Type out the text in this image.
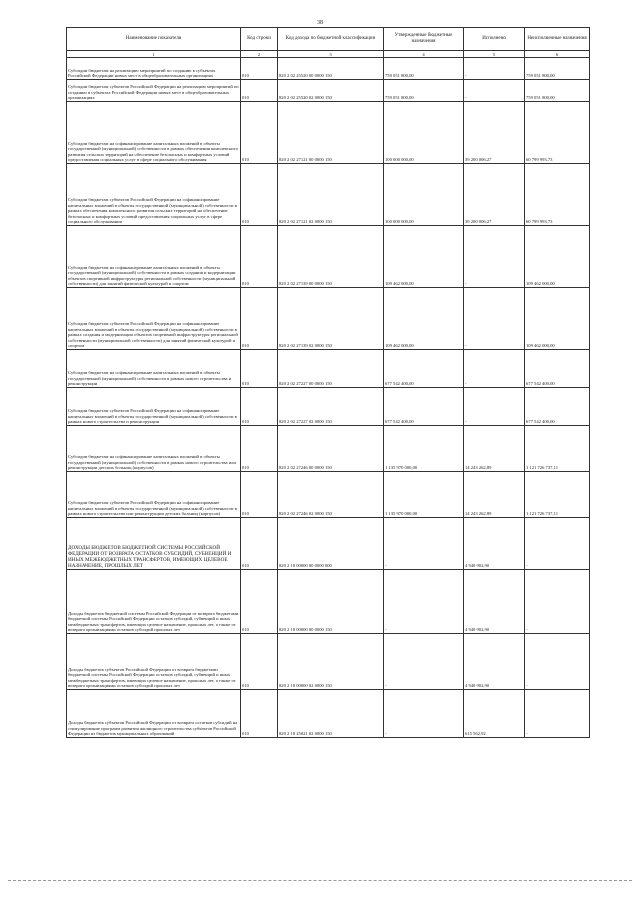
38
Наименование показателя	Код строки	Код дохода по бюджетной классификации	Утвержденные бюджетные назначения	Исполнено	Неисполненные назначения
1	2	3	4	5	6
Субсидии бюджетам на реализацию мероприятий по созданию в субъектах Российской Федерации новых мест в общеобразовательных организациях	010	820 2 02 25520 00 0000 150	759 051 800,00	-	759 051 800,00
Субсидии бюджетам субъектов Российской Федерации на реализацию мероприятий по созданию в субъектах Российской Федерации новых мест в общеобразовательных организациях	010	820 2 02 25520 02 0000 150	759 051 800,00	-	759 051 800,00
Субсидии бюджетам на софинансирование капитальных вложений в объекты государственной (муниципальной) собственности в рамках обеспечения комплексного развития сельских территорий на обеспечение безопасных и комфортных условий предоставления социальных услуг в сфере социального обслуживания	010	820 2 02 27121 00 0000 150	100 000 000,00	39 200 006,27	60 799 993,73
Субсидии бюджетам субъектов Российской Федерации на софинансирование капитальных вложений в объекты государственной (муниципальной) собственности в рамках обеспечения комплексного развития сельских территорий на обеспечение безопасных и комфортных условий предоставления социальных услуг в сфере социального обслуживания	010	820 2 02 27121 02 0000 150	100 000 000,00	39 200 006,27	60 799 993,73
Субсидии бюджетам на софинансирование капитальных вложений в объекты государственной (муниципальной) собственности в рамках создания и модернизации объектов спортивной инфраструктуры региональной собственности (муниципальной собственности) для занятий физической культурой и спортом	010	820 2 02 27139 00 0000 150	109 462 000,00	-	109 462 000,00
Субсидии бюджетам субъектов Российской Федерации на софинансирование капитальных вложений в объекты государственной (муниципальной) собственности в рамках создания и модернизации объектов спортивной инфраструктуры региональной собственности (муниципальной собственности) для занятий физической культурой и спортом	010	820 2 02 27139 02 0000 150	109 462 000,00	-	109 462 000,00
Субсидии бюджетам на софинансирование капитальных вложений в объекты государственной (муниципальной) собственности в рамках нового строительства и реконструкции	010	820 2 02 27227 00 0000 150	677 542 400,00	-	677 542 400,00
Субсидии бюджетам субъектов Российской Федерации на софинансирование капитальных вложений в объекты государственной (муниципальной) собственности в рамках нового строительства и реконструкции	010	820 2 02 27227 02 0000 150	677 542 400,00	-	677 542 400,00
Субсидии бюджетам на софинансирование капитальных вложений в объекты государственной (муниципальной) собственности в рамках нового строительства или реконструкции детских больниц (корпусов)	010	820 2 02 27246 00 0000 150	1 135 970 000,00	14 243 262,89	1 121 726 737,11
Субсидии бюджетам субъектов Российской Федерации на софинансирование капитальных вложений в объекты государственной (муниципальной) собственности в рамках нового строительства или реконструкции детских больниц (корпусов)	010	820 2 02 27246 02 0000 150	1 135 970 000,00	14 243 262,89	1 121 726 737,11
ДОХОДЫ БЮДЖЕТОВ БЮДЖЕТНОЙ СИСТЕМЫ РОССИЙСКОЙ ФЕДЕРАЦИИ ОТ ВОЗВРАТА ОСТАТКОВ СУБСИДИЙ, СУБВЕНЦИЙ И ИНЫХ МЕЖБЮДЖЕТНЫХ ТРАНСФЕРТОВ, ИМЕЮЩИХ ЦЕЛЕВОЕ НАЗНАЧЕНИЕ, ПРОШЛЫХ ЛЕТ	010	820 2 18 00000 00 0000 000	-	4 940 902,90	-
Доходы бюджетов бюджетной системы Российской Федерации от возврата бюджетами бюджетной системы Российской Федерации остатков субсидий, субвенций и иных межбюджетных трансфертов, имеющих целевое назначение, прошлых лет, а также от возврата организациями остатков субсидий прошлых лет	010	820 2 18 00000 00 0000 150	-	4 940 902,90	-
Доходы бюджетов субъектов Российской Федерации от возврата бюджетами бюджетной системы Российской Федерации остатков субсидий, субвенций и иных межбюджетных трансфертов, имеющих целевое назначение, прошлых лет, а также от возврата организациями остатков субсидий прошлых лет	010	820 2 18 00000 02 0000 150	-	4 940 902,90	-
Доходы бюджетов субъектов Российской Федерации от возврата остатков субсидий на стимулирование программ развития жилищного строительства субъектов Российской Федерации из бюджетов муниципальных образований	010	820 2 18 25021 02 0000 150	-	615 562,92	-
